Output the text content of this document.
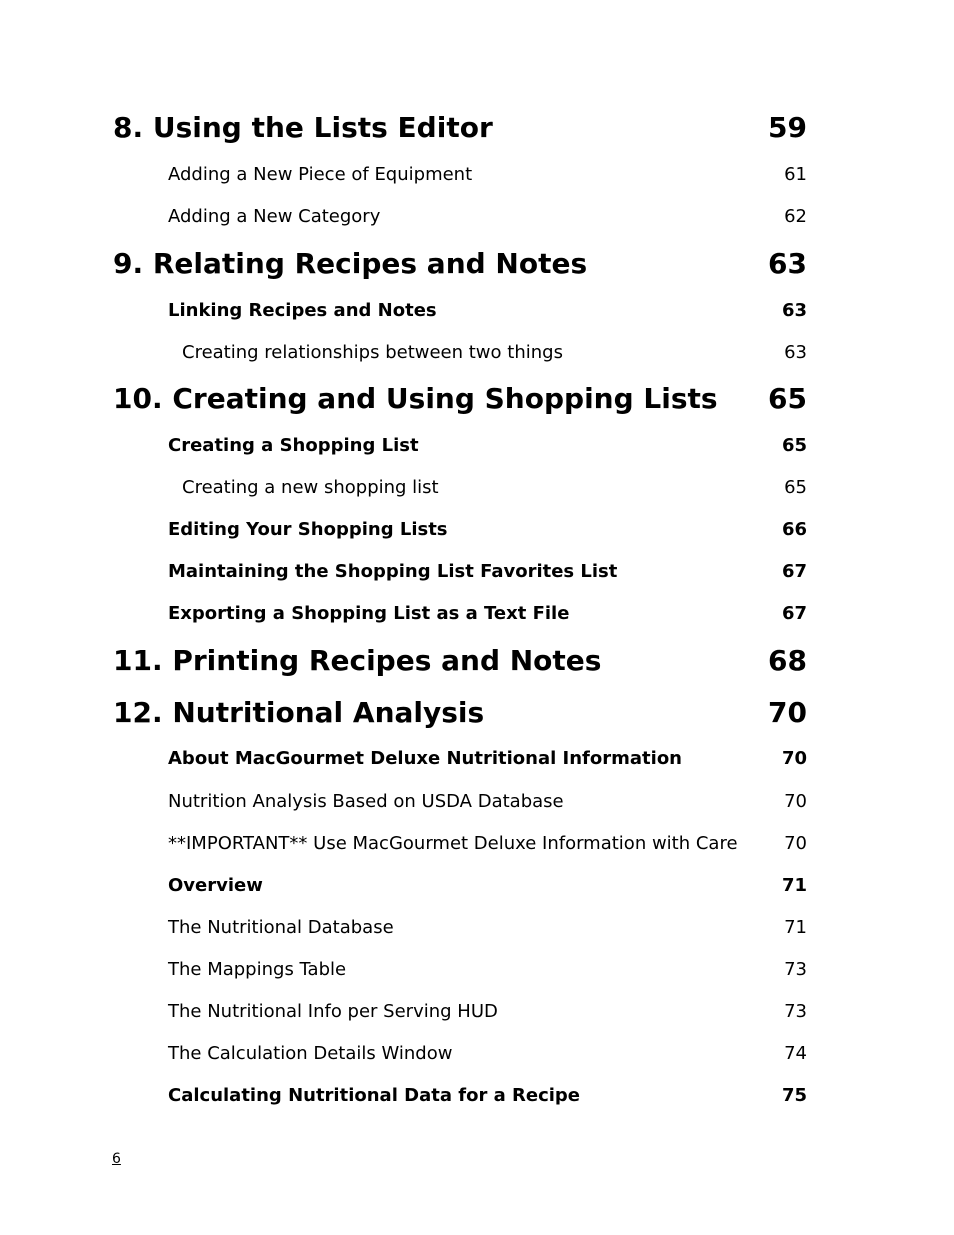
8. Using the Lists Editor	59
Adding a New Piece of Equipment	61
Adding a New Category	62
9. Relating Recipes and Notes	63
Linking Recipes and Notes	63
Creating relationships between two things	63
10. Creating and Using Shopping Lists 65
Creating a Shopping List	65
Creating a new shopping list	65
Editing Your Shopping Lists	66
Maintaining the Shopping List Favorites List	67
Exporting a Shopping List as a Text File	67
11. Printing Recipes and Notes	68
12. Nutritional Analysis	70
About MacGourmet Deluxe Nutritional Information	70
Nutrition Analysis Based on USDA Database	70
**IMPORTANT** Use MacGourmet Deluxe Information with Care	70
Overview	71
The Nutritional Database	71
The Mappings Table	73
The Nutritional Info per Serving HUD	73
The Calculation Details Window	74
Calculating Nutritional Data for a Recipe	75
6
